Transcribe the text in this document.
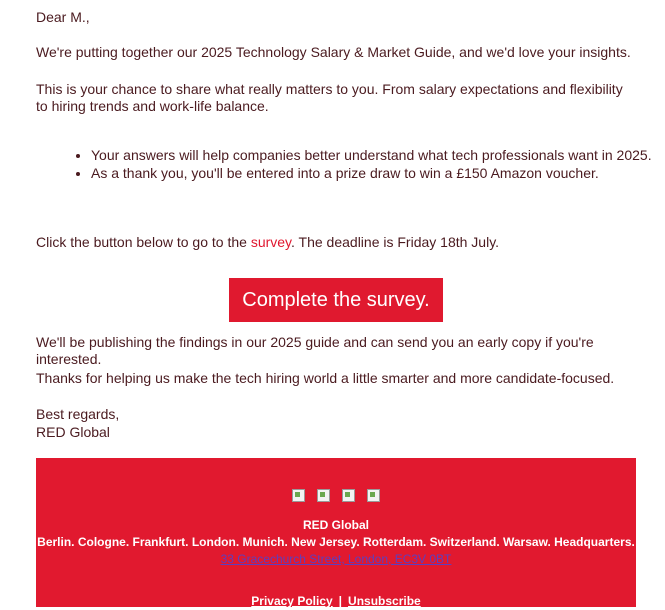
Dear M.,

We're putting together our 2025 Technology Salary & Market Guide, and we'd love your insights.

This is your chance to share what really matters to you. From salary expectations and flexibility

to hiring trends and work-life balance.

• Your answers will help companies better understand what tech professionals want in 2025.
• As a thank you, you'll be entered into a prize draw to win a £150 Amazon voucher.

Click the button below to go to the survey. The deadline is Friday 18th July.

Complete the survey.

We'll be publishing the findings in our 2025 guide and can send you an early copy if you're

interested.

Thanks for helping us make the tech hiring world a little smarter and more candidate-focused.

Best regards,

RED Global

RED Global
Berlin. Cologne. Frankfurt. London. Munich. New Jersey. Rotterdam. Switzerland. Warsaw. Headquarters.
33 Gracechurch Street, London, EC3V 0BT
Privacy Policy | Unsubscribe
